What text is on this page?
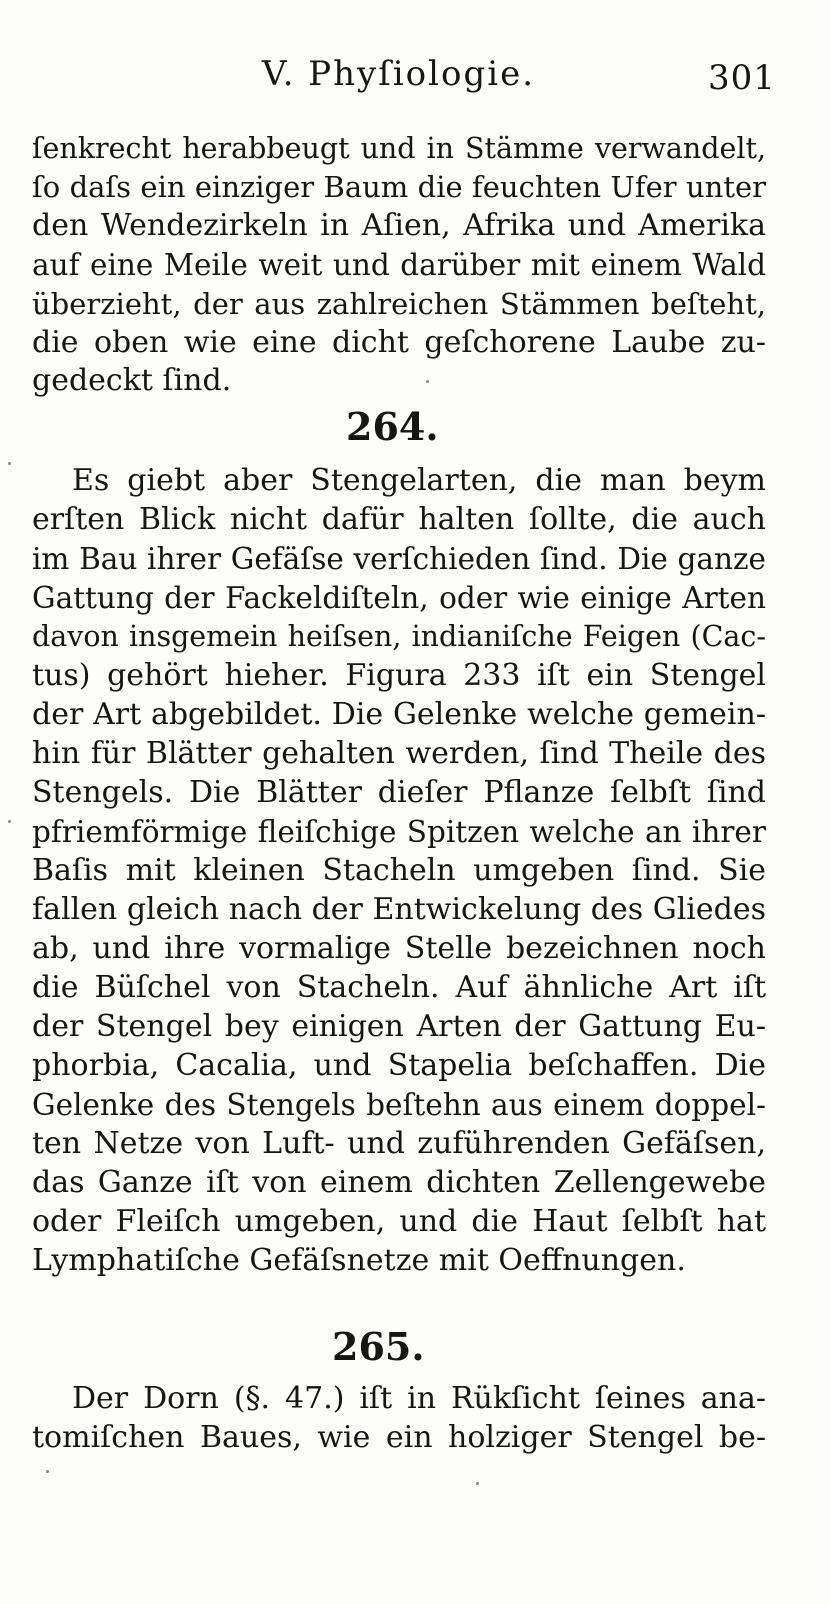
V. Phyſiologie.	301
ſenkrecht herabbeugt und in Stämme verwandelt,
ſo daſs ein einziger Baum die feuchten Ufer unter
den Wendezirkeln in Aſien, Afrika und Amerika
auf eine Meile weit und darüber mit einem Wald
überzieht, der aus zahlreichen Stämmen beſteht,
die oben wie eine dicht geſchorene Laube zu-
gedeckt ſind.
264.
Es giebt aber Stengelarten, die man beym
erſten Blick nicht dafür halten ſollte, die auch
im Bau ihrer Gefäſse verſchieden ſind. Die ganze
Gattung der Fackeldiſteln, oder wie einige Arten
davon insgemein heiſsen, indianiſche Feigen (Cac-
tus) gehört hieher. Figura 233 iſt ein Stengel
der Art abgebildet. Die Gelenke welche gemein-
hin für Blätter gehalten werden, ſind Theile des
Stengels. Die Blätter dieſer Pflanze ſelbſt ſind
pfriemförmige fleiſchige Spitzen welche an ihrer
Baſis mit kleinen Stacheln umgeben ſind. Sie
fallen gleich nach der Entwickelung des Gliedes
ab, und ihre vormalige Stelle bezeichnen noch
die Büſchel von Stacheln. Auf ähnliche Art iſt
der Stengel bey einigen Arten der Gattung Eu-
phorbia, Cacalia, und Stapelia beſchaffen. Die
Gelenke des Stengels beſtehn aus einem doppel-
ten Netze von Luft- und zuführenden Gefäſsen,
das Ganze iſt von einem dichten Zellengewebe
oder Fleiſch umgeben, und die Haut ſelbſt hat
Lymphatiſche Gefäſsnetze mit Oeffnungen.
265.
Der Dorn (§. 47.) iſt in Rükſicht ſeines ana-
tomiſchen Baues, wie ein holziger Stengel be-
